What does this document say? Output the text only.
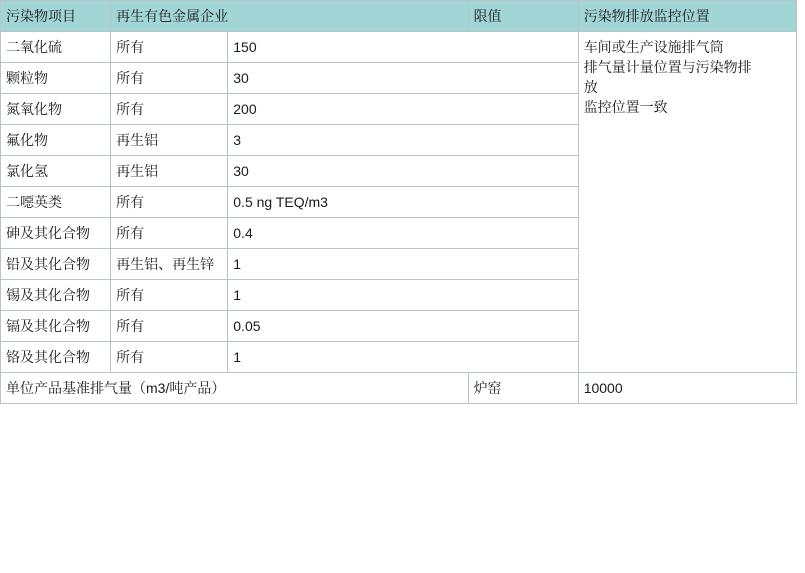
污染物项目	再生有色金属企业		限值	污染物排放监控位置
二氧化硫	所有	150		车间或生产设施排气筒
排气量计量位置与污染物排
放
监控位置一致

颗粒物	所有	30		
氮氧化物	所有	200		
氟化物	再生铝	3		
氯化氢	再生铝	30		
二噁英类	所有	0.5 ng TEQ/m3		
砷及其化合物	所有	0.4		
铅及其化合物	再生铝、再生锌	1		
锡及其化合物	所有	1		
镉及其化合物	所有	0.05		
铬及其化合物	所有	1		
单位产品基准排气量（m3/吨产品）			炉窑	10000
